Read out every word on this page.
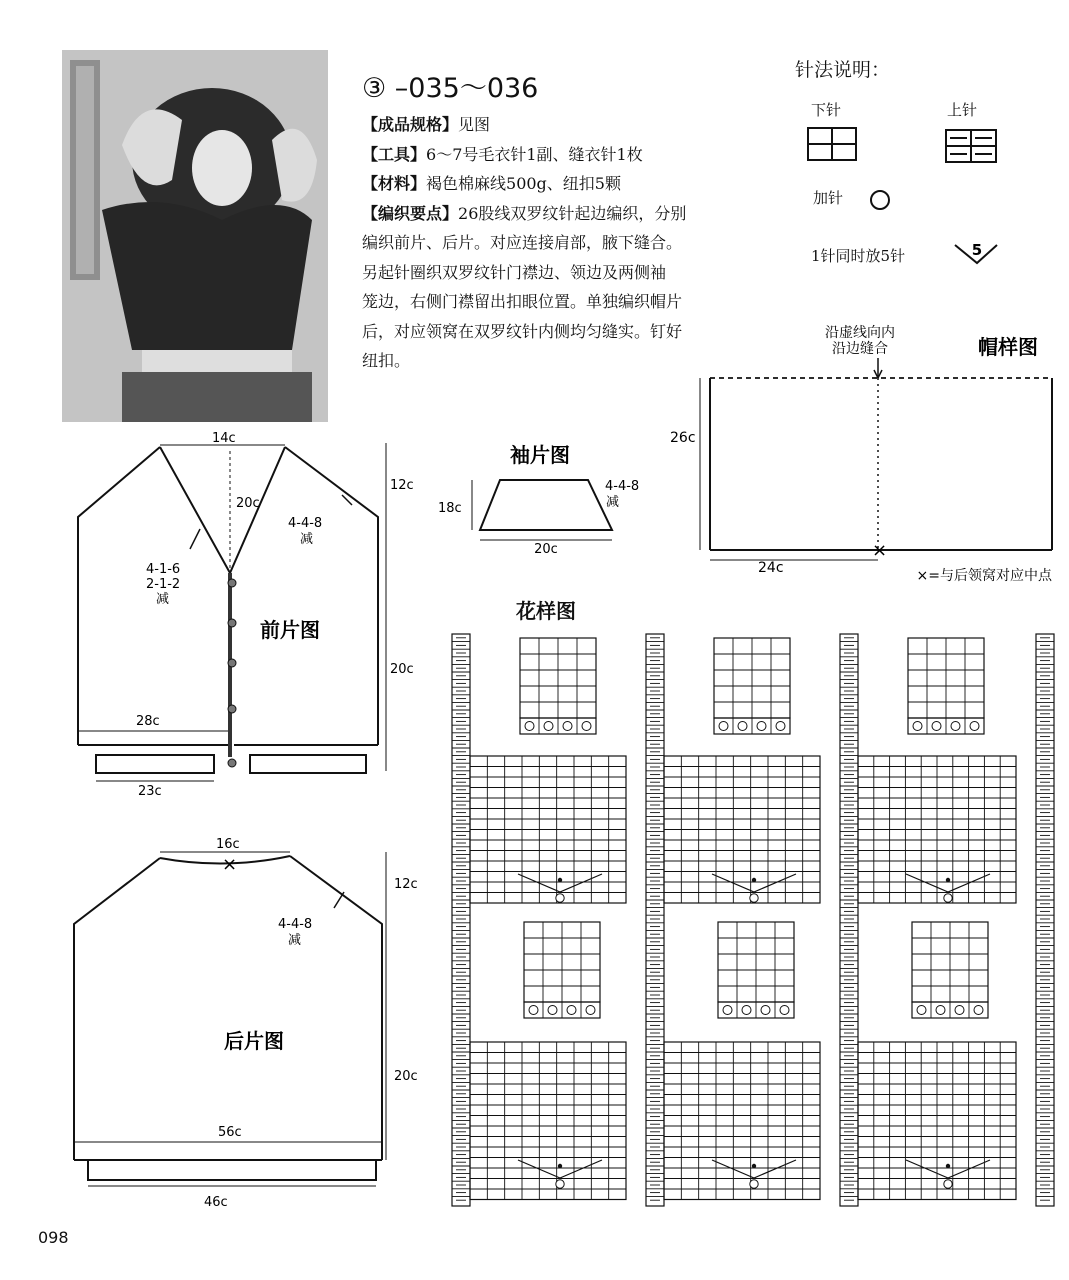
③ –035～036
【成品规格】见图
【工具】6～7号毛衣针1副、缝衣针1枚
【材料】褐色棉麻线500g、纽扣5颗
【编织要点】26股线双罗纹针起边编织，分别
编织前片、后片。对应连接肩部，腋下缝合。
另起针圈织双罗纹针门襟边、领边及两侧袖
笼边，右侧门襟留出扣眼位置。单独编织帽片
后，对应领窝在双罗纹针内侧均匀缝实。钉好
纽扣。
针法说明：
下针	上针
加针
1针同时放5针	5
沿虚线向内
沿边缝合	帽样图
26c
24c
×
×=与后领窝对应中点
袖片图
20c
18c
4-4-8
减
14c
20c
12c
20c
4-4-8
减
4-1-6
2-1-2
减
前片图
28c
23c
×
16c
12c
20c
4-4-8
减
后片图
56c
46c
花样图
098
